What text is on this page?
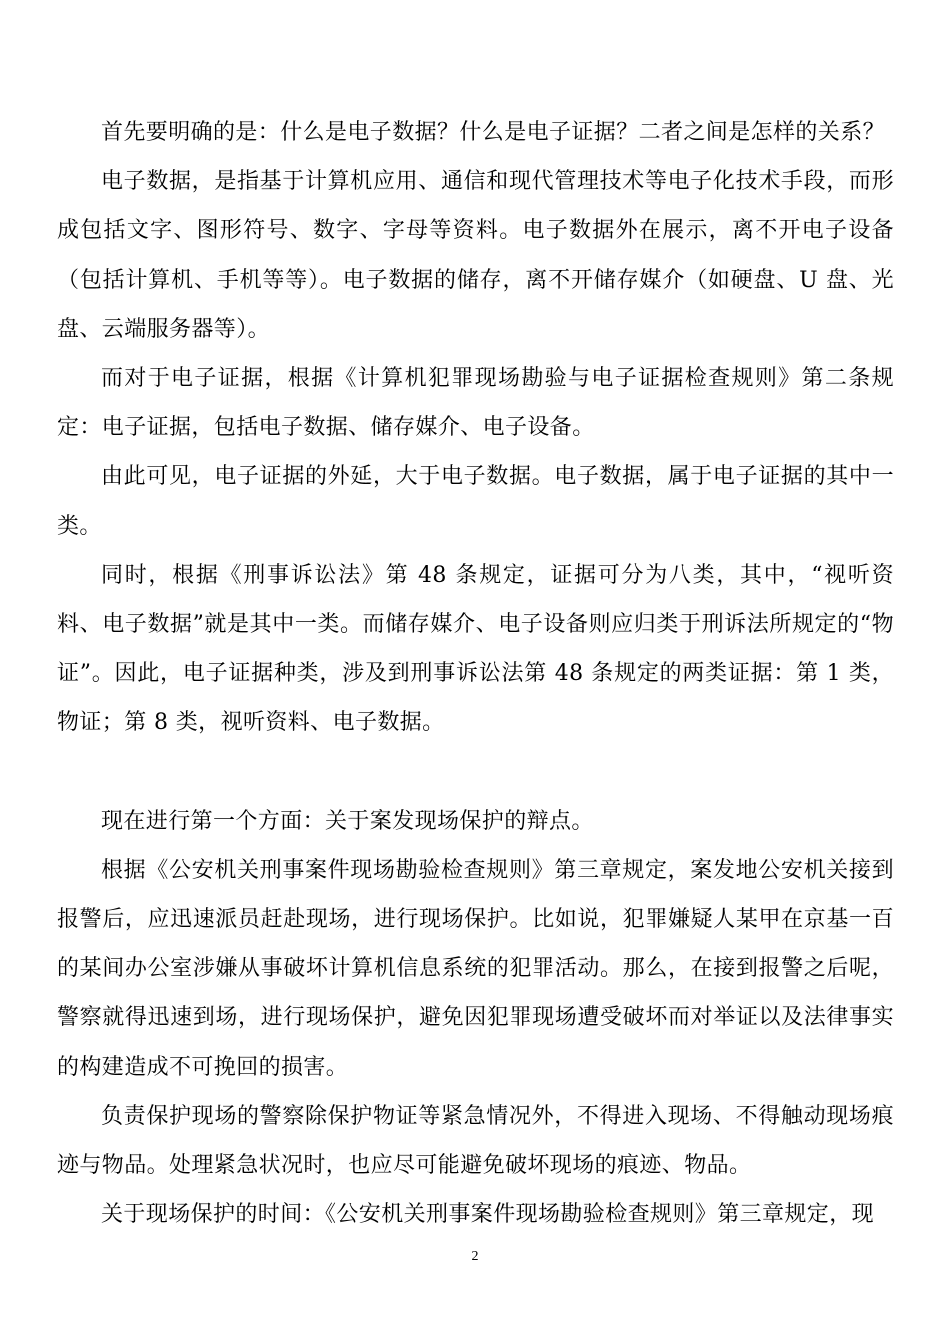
首先要明确的是：什么是电子数据？什么是电子证据？二者之间是怎样的关系？

电子数据，是指基于计算机应用、通信和现代管理技术等电子化技术手段，而形成包括文字、图形符号、数字、字母等资料。电子数据外在展示，离不开电子设备（包括计算机、手机等等）。电子数据的储存，离不开储存媒介（如硬盘、U 盘、光盘、云端服务器等）。

而对于电子证据，根据《计算机犯罪现场勘验与电子证据检查规则》第二条规定：电子证据，包括电子数据、储存媒介、电子设备。

由此可见，电子证据的外延，大于电子数据。电子数据，属于电子证据的其中一类。

同时，根据《刑事诉讼法》第 48 条规定，证据可分为八类，其中，“视听资料、电子数据”就是其中一类。而储存媒介、电子设备则应归类于刑诉法所规定的“物证”。因此，电子证据种类，涉及到刑事诉讼法第 48 条规定的两类证据：第 1 类，物证；第 8 类，视听资料、电子数据。

现在进行第一个方面：关于案发现场保护的辩点。

根据《公安机关刑事案件现场勘验检查规则》第三章规定，案发地公安机关接到报警后，应迅速派员赶赴现场，进行现场保护。比如说，犯罪嫌疑人某甲在京基一百的某间办公室涉嫌从事破坏计算机信息系统的犯罪活动。那么，在接到报警之后呢，警察就得迅速到场，进行现场保护，避免因犯罪现场遭受破坏而对举证以及法律事实的构建造成不可挽回的损害。

负责保护现场的警察除保护物证等紧急情况外，不得进入现场、不得触动现场痕迹与物品。处理紧急状况时，也应尽可能避免破坏现场的痕迹、物品。

关于现场保护的时间：《公安机关刑事案件现场勘验检查规则》第三章规定，现

2
